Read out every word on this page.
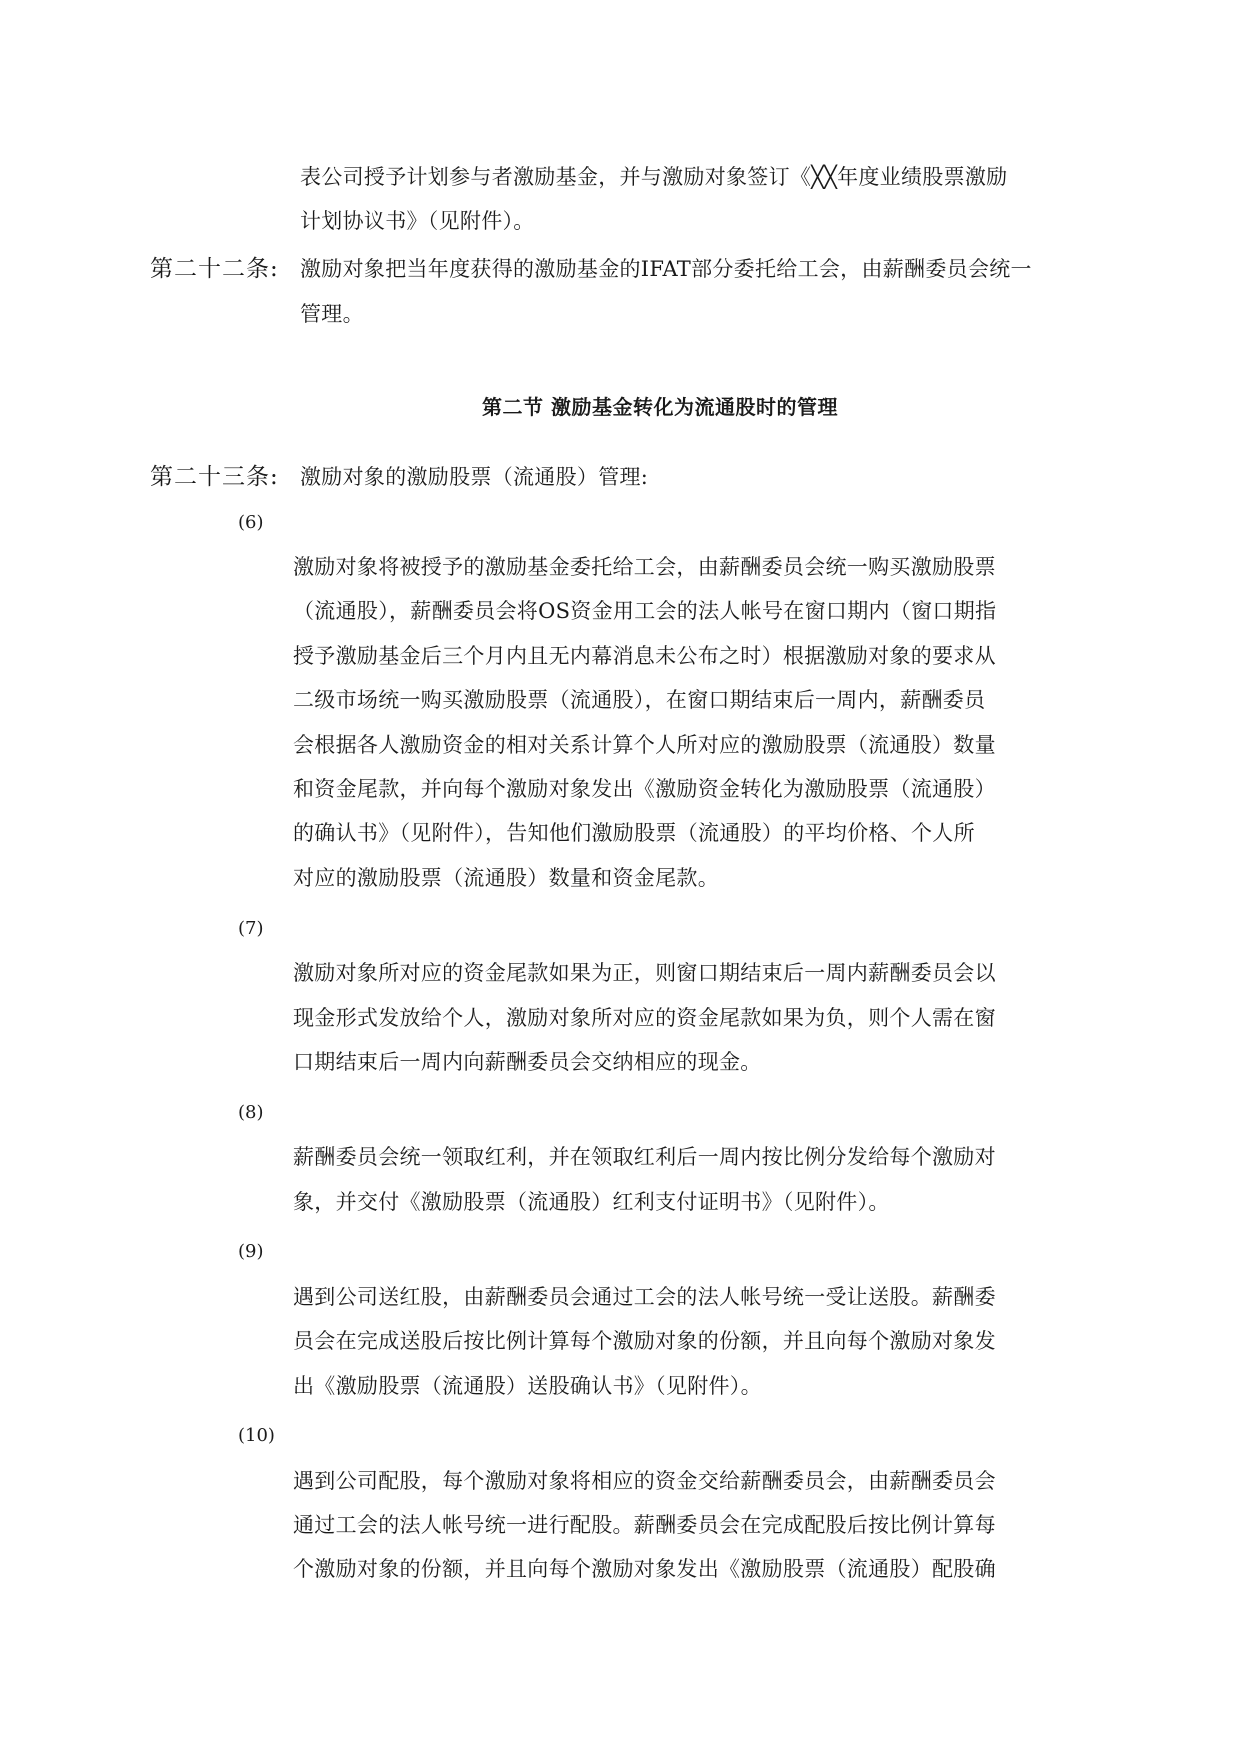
表公司授予计划参与者激励基金，并与激励对象签订《╳╳年度业绩股票激励
计划协议书》（见附件）。
第二十二条: 激励对象把当年度获得的激励基金的IFAT部分委托给工会，由薪酬委员会统一
管理。
第二节 激励基金转化为流通股时的管理
第二十三条: 激励对象的激励股票（流通股）管理:
(6)
激励对象将被授予的激励基金委托给工会，由薪酬委员会统一购买激励股票
（流通股），薪酬委员会将OS资金用工会的法人帐号在窗口期内（窗口期指
授予激励基金后三个月内且无内幕消息未公布之时）根据激励对象的要求从
二级市场统一购买激励股票（流通股），在窗口期结束后一周内，薪酬委员
会根据各人激励资金的相对关系计算个人所对应的激励股票（流通股）数量
和资金尾款，并向每个激励对象发出《激励资金转化为激励股票（流通股）
的确认书》（见附件），告知他们激励股票（流通股）的平均价格、个人所
对应的激励股票（流通股）数量和资金尾款。
(7)
激励对象所对应的资金尾款如果为正，则窗口期结束后一周内薪酬委员会以
现金形式发放给个人，激励对象所对应的资金尾款如果为负，则个人需在窗
口期结束后一周内向薪酬委员会交纳相应的现金。
(8)
薪酬委员会统一领取红利，并在领取红利后一周内按比例分发给每个激励对
象，并交付《激励股票（流通股）红利支付证明书》（见附件）。
(9)
遇到公司送红股，由薪酬委员会通过工会的法人帐号统一受让送股。薪酬委
员会在完成送股后按比例计算每个激励对象的份额，并且向每个激励对象发
出《激励股票（流通股）送股确认书》（见附件）。
(10)
遇到公司配股，每个激励对象将相应的资金交给薪酬委员会，由薪酬委员会
通过工会的法人帐号统一进行配股。薪酬委员会在完成配股后按比例计算每
个激励对象的份额，并且向每个激励对象发出《激励股票（流通股）配股确
